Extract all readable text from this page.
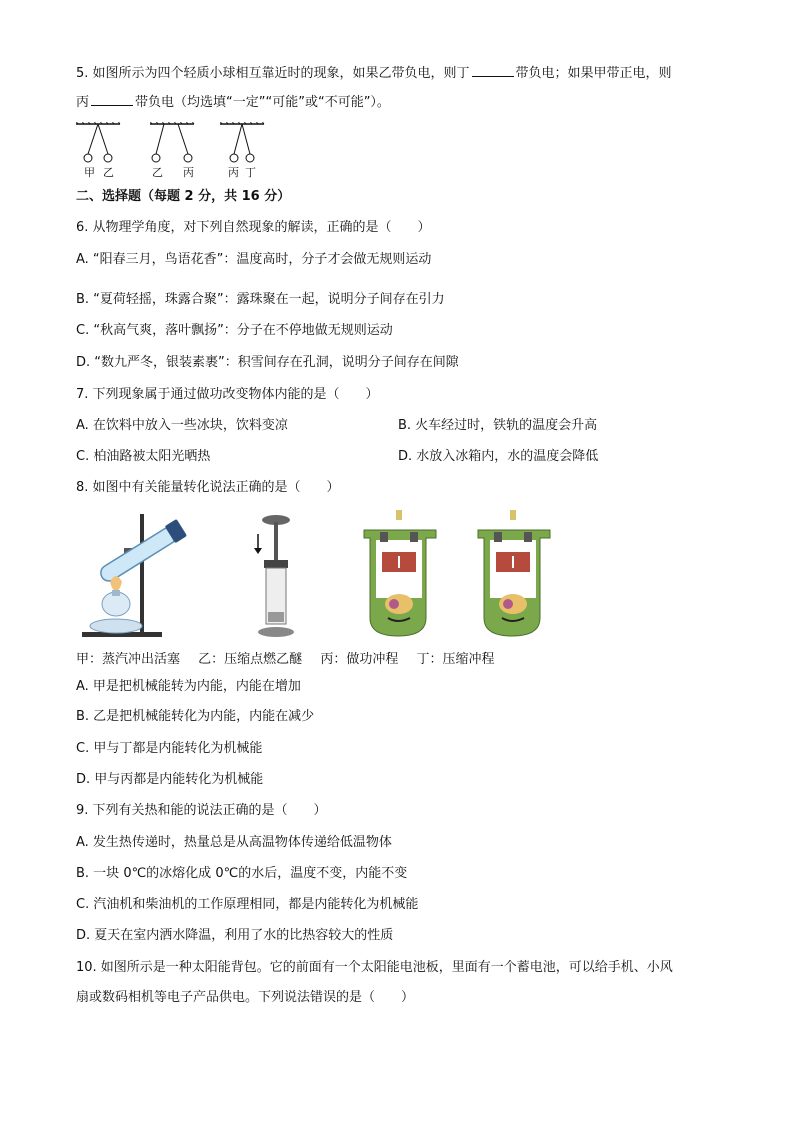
5. 如图所示为四个轻质小球相互靠近时的现象，如果乙带负电，则丁	带负电；如果甲带正电，则
丙	带负电（均选填“一定”“可能”或“不可能”）。
甲 乙	乙 丙	丙 丁
二、选择题（每题 2 分，共 16 分）
6. 从物理学角度，对下列自然现象的解读，正确的是（　　）
A. “阳春三月，鸟语花香”：温度高时，分子才会做无规则运动
B. “夏荷轻摇，珠露合聚”：露珠聚在一起，说明分子间存在引力
C. “秋高气爽，落叶飘扬”：分子在不停地做无规则运动
D. “数九严冬，银装素裹”：积雪间存在孔洞，说明分子间存在间隙
7. 下列现象属于通过做功改变物体内能的是（　　）
A. 在饮料中放入一些冰块，饮料变凉	B. 火车经过时，铁轨的温度会升高
C. 柏油路被太阳光晒热	D. 水放入冰箱内，水的温度会降低
8. 如图中有关能量转化说法正确的是（　　）
甲：蒸汽冲出活塞 乙：压缩点燃乙醚 丙：做功冲程 丁：压缩冲程
A. 甲是把机械能转为内能，内能在增加
B. 乙是把机械能转化为内能，内能在减少
C. 甲与丁都是内能转化为机械能
D. 甲与丙都是内能转化为机械能
9. 下列有关热和能的说法正确的是（　　）
A. 发生热传递时，热量总是从高温物体传递给低温物体
B. 一块 0℃的冰熔化成 0℃的水后，温度不变，内能不变
C. 汽油机和柴油机的工作原理相同，都是内能转化为机械能
D. 夏天在室内洒水降温，利用了水的比热容较大的性质
10. 如图所示是一种太阳能背包。它的前面有一个太阳能电池板，里面有一个蓄电池，可以给手机、小风
扇或数码相机等电子产品供电。下列说法错误的是（　　）
